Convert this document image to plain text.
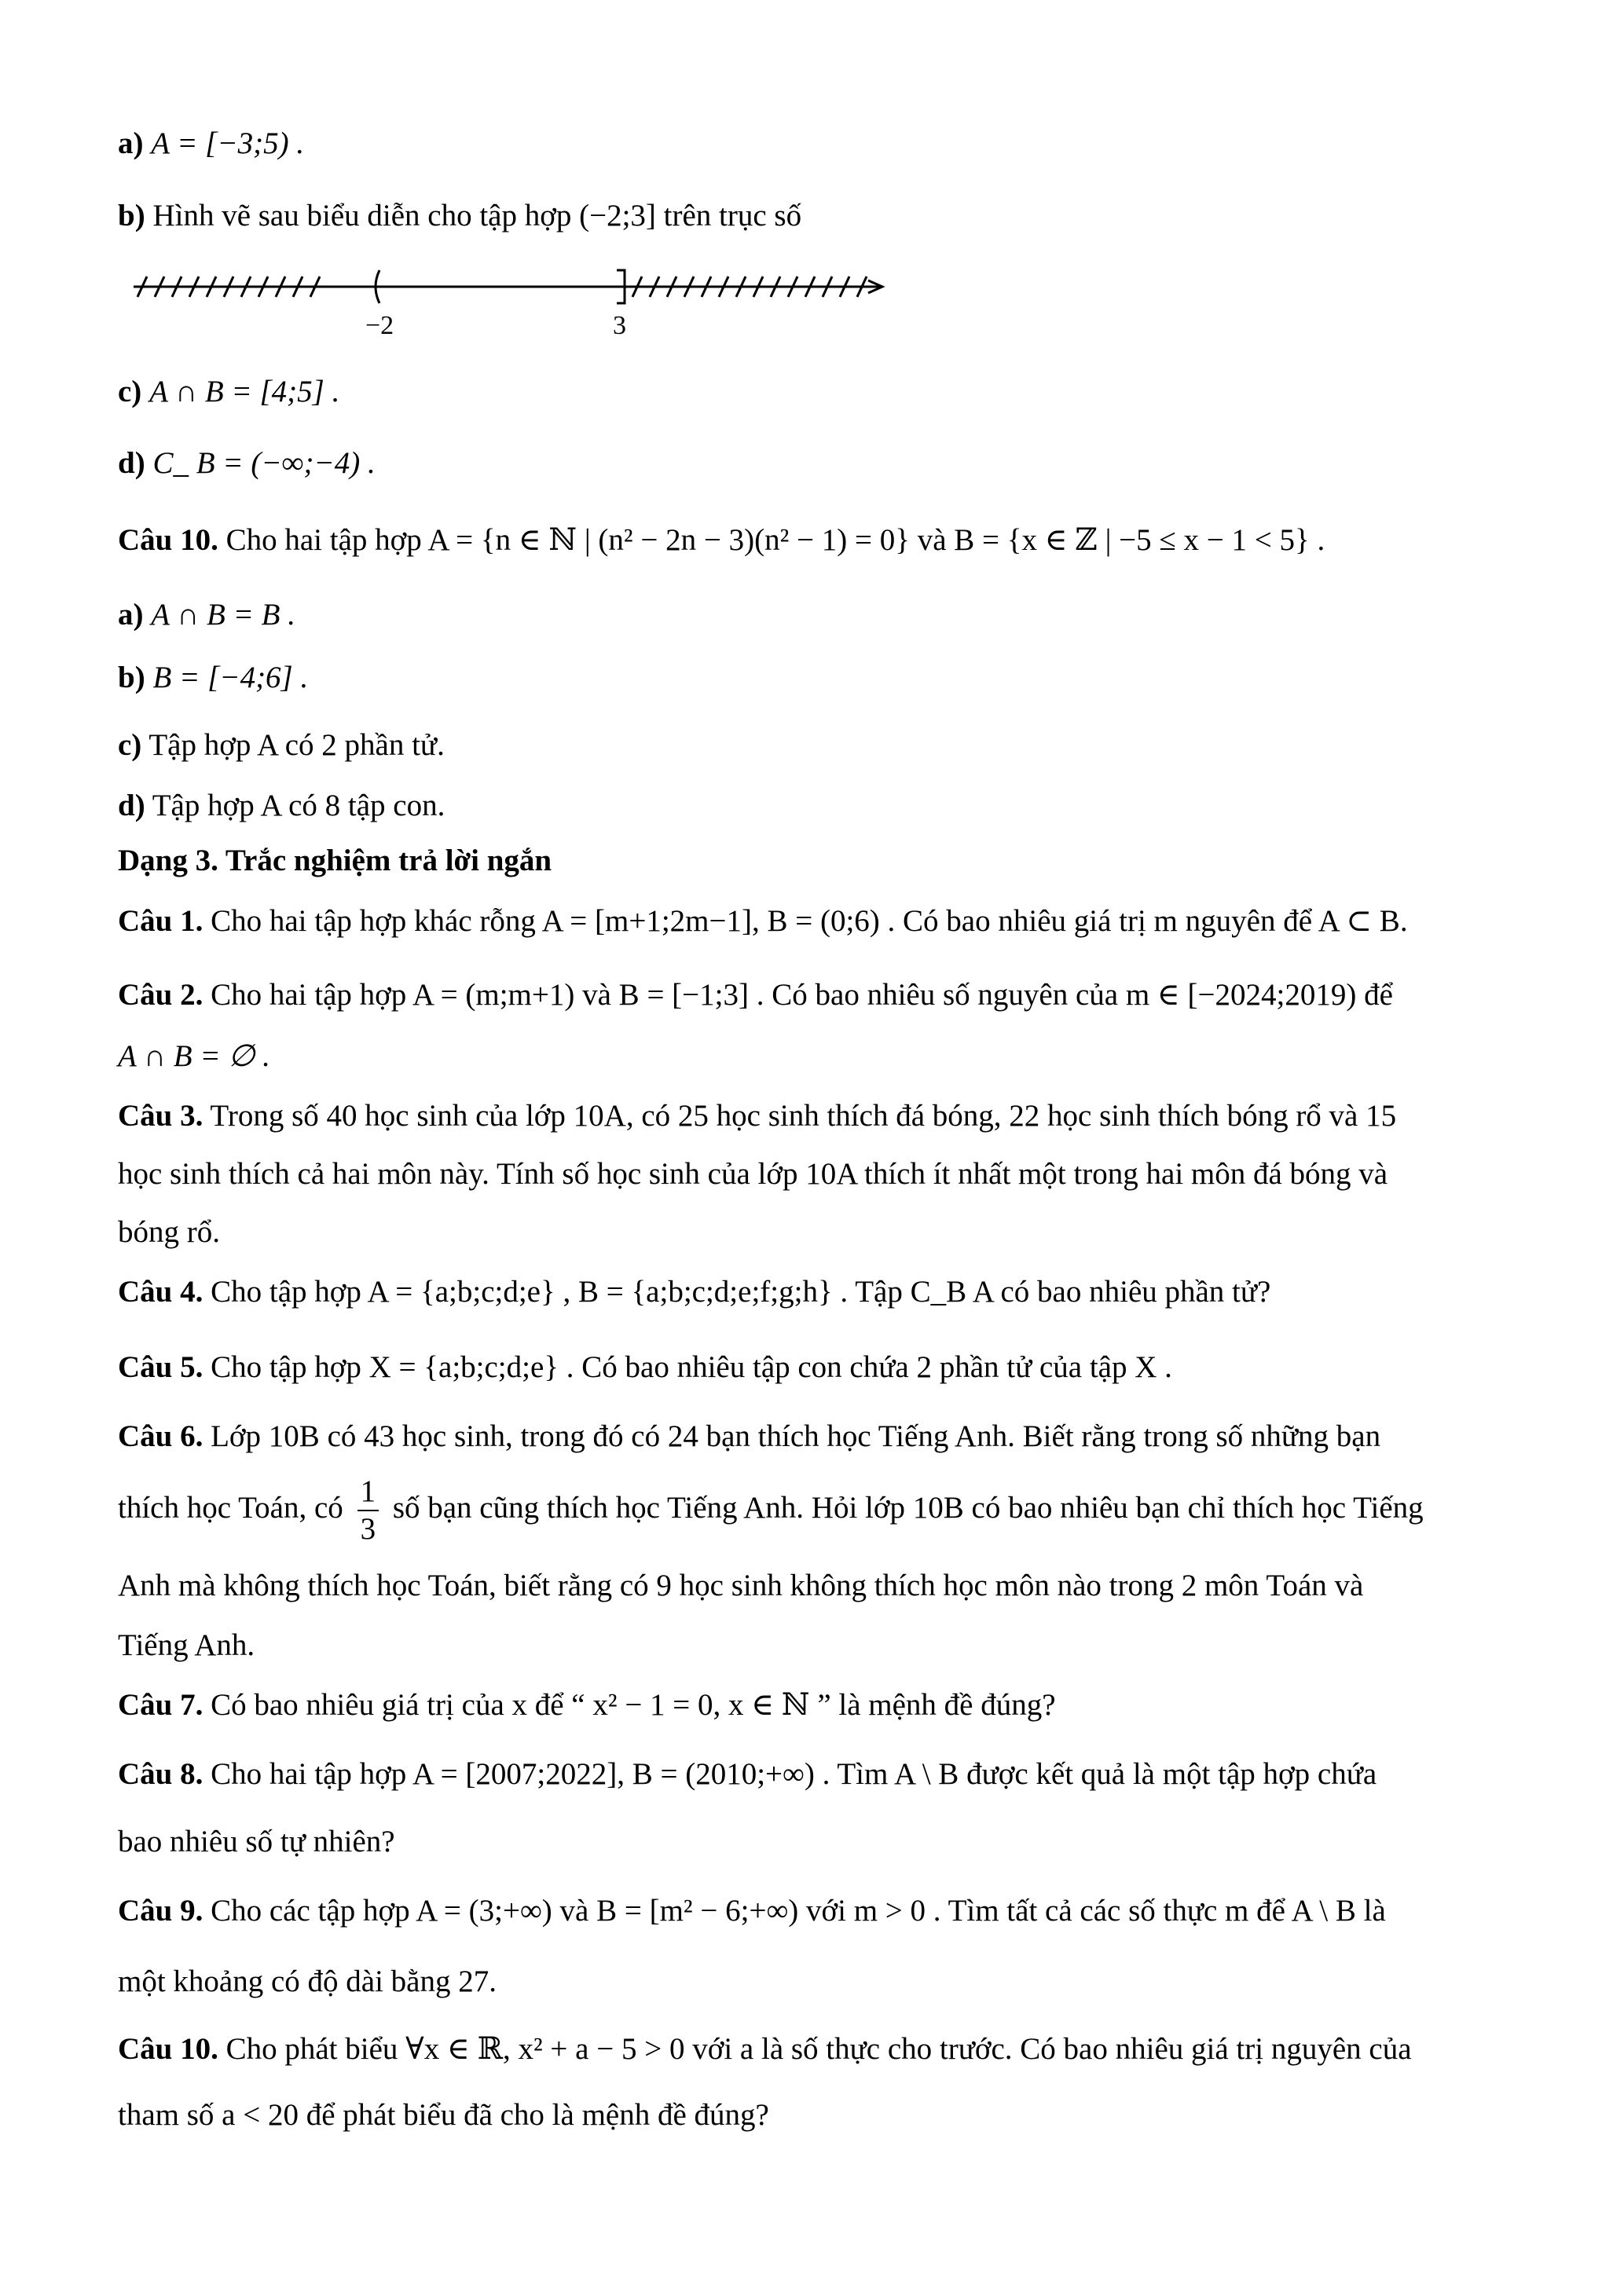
a) A = [−3;5) .
b) Hình vẽ sau biểu diễn cho tập hợp (−2;3] trên trục số
−2	3
c) A ∩ B = [4;5] .
d) C_ B = (−∞;−4) .
Câu 10. Cho hai tập hợp A = {n ∈ ℕ | (n² − 2n − 3)(n² − 1) = 0} và B = {x ∈ ℤ | −5 ≤ x − 1 < 5} .
a) A ∩ B = B .
b) B = [−4;6] .
c) Tập hợp A có 2 phần tử.
d) Tập hợp A có 8 tập con.
Dạng 3. Trắc nghiệm trả lời ngắn
Câu 1. Cho hai tập hợp khác rỗng A = [m+1;2m−1], B = (0;6) . Có bao nhiêu giá trị m nguyên để A ⊂ B.
Câu 2. Cho hai tập hợp A = (m;m+1) và B = [−1;3] . Có bao nhiêu số nguyên của m ∈ [−2024;2019) để
A ∩ B = ∅ .
Câu 3. Trong số 40 học sinh của lớp 10A, có 25 học sinh thích đá bóng, 22 học sinh thích bóng rổ và 15
học sinh thích cả hai môn này. Tính số học sinh của lớp 10A thích ít nhất một trong hai môn đá bóng và
bóng rổ.
Câu 4. Cho tập hợp A = {a;b;c;d;e} , B = {a;b;c;d;e;f;g;h} . Tập C_B A có bao nhiêu phần tử?
Câu 5. Cho tập hợp X = {a;b;c;d;e} . Có bao nhiêu tập con chứa 2 phần tử của tập X .
Câu 6. Lớp 10B có 43 học sinh, trong đó có 24 bạn thích học Tiếng Anh. Biết rằng trong số những bạn
thích học Toán, có $\frac{1}{3}$ số bạn cũng thích học Tiếng Anh. Hỏi lớp 10B có bao nhiêu bạn chỉ thích học Tiếng
Anh mà không thích học Toán, biết rằng có 9 học sinh không thích học môn nào trong 2 môn Toán và
Tiếng Anh.
Câu 7. Có bao nhiêu giá trị của x để “ x² − 1 = 0, x ∈ ℕ ” là mệnh đề đúng?
Câu 8. Cho hai tập hợp A = [2007;2022], B = (2010;+∞) . Tìm A \ B được kết quả là một tập hợp chứa
bao nhiêu số tự nhiên?
Câu 9. Cho các tập hợp A = (3;+∞) và B = [m² − 6;+∞) với m > 0 . Tìm tất cả các số thực m để A \ B là
một khoảng có độ dài bằng 27.
Câu 10. Cho phát biểu ∀x ∈ ℝ, x² + a − 5 > 0 với a là số thực cho trước. Có bao nhiêu giá trị nguyên của
tham số a < 20 để phát biểu đã cho là mệnh đề đúng?
